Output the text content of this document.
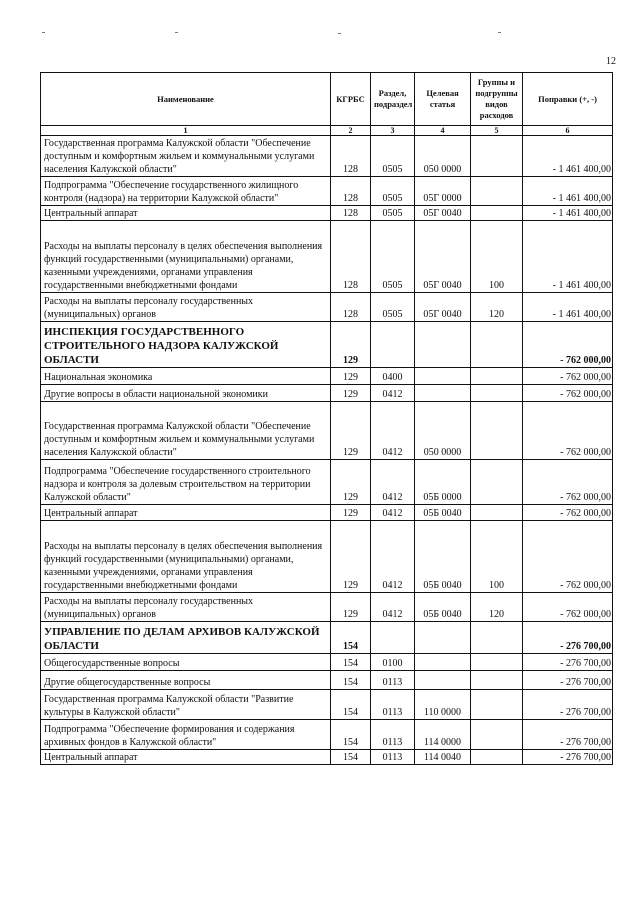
12
Наименование	КГРБС	Раздел, подраздел	Целевая статья	Группы и подгруппы видов расходов	Поправки (+, -)
1	2	3	4	5	6
Государственная программа Калужской области "Обеспечение доступным и комфортным жильем и коммунальными услугами населения Калужской области"	128	0505	050 0000		- 1 461 400,00
Подпрограмма "Обеспечение государственного жилищного контроля (надзора) на территории Калужской области"	128	0505	05Г 0000		- 1 461 400,00
Центральный аппарат	128	0505	05Г 0040		- 1 461 400,00
Расходы на выплаты персоналу в целях обеспечения выполнения функций государственными (муниципальными) органами, казенными учреждениями, органами управления государственными внебюджетными фондами	128	0505	05Г 0040	100	- 1 461 400,00
Расходы на выплаты персоналу государственных (муниципальных) органов	128	0505	05Г 0040	120	- 1 461 400,00
ИНСПЕКЦИЯ ГОСУДАРСТВЕННОГО СТРОИТЕЛЬНОГО НАДЗОРА КАЛУЖСКОЙ ОБЛАСТИ	129				- 762 000,00
Национальная экономика	129	0400			- 762 000,00
Другие вопросы в области национальной экономики	129	0412			- 762 000,00
Государственная программа Калужской области "Обеспечение доступным и комфортным жильем и коммунальными услугами населения Калужской области"	129	0412	050 0000		- 762 000,00
Подпрограмма "Обеспечение государственного строительного надзора и контроля за долевым строительством на территории Калужской области"	129	0412	05Б 0000		- 762 000,00
Центральный аппарат	129	0412	05Б 0040		- 762 000,00
Расходы на выплаты персоналу в целях обеспечения выполнения функций государственными (муниципальными) органами, казенными учреждениями, органами управления государственными внебюджетными фондами	129	0412	05Б 0040	100	- 762 000,00
Расходы на выплаты персоналу государственных (муниципальных) органов	129	0412	05Б 0040	120	- 762 000,00
УПРАВЛЕНИЕ ПО ДЕЛАМ АРХИВОВ КАЛУЖСКОЙ ОБЛАСТИ	154				- 276 700,00
Общегосударственные вопросы	154	0100			- 276 700,00
Другие общегосударственные вопросы	154	0113			- 276 700,00
Государственная программа Калужской области "Развитие культуры в Калужской области"	154	0113	110 0000		- 276 700,00
Подпрограмма "Обеспечение формирования и содержания архивных фондов в Калужской области"	154	0113	114 0000		- 276 700,00
Центральный аппарат	154	0113	114 0040		- 276 700,00
